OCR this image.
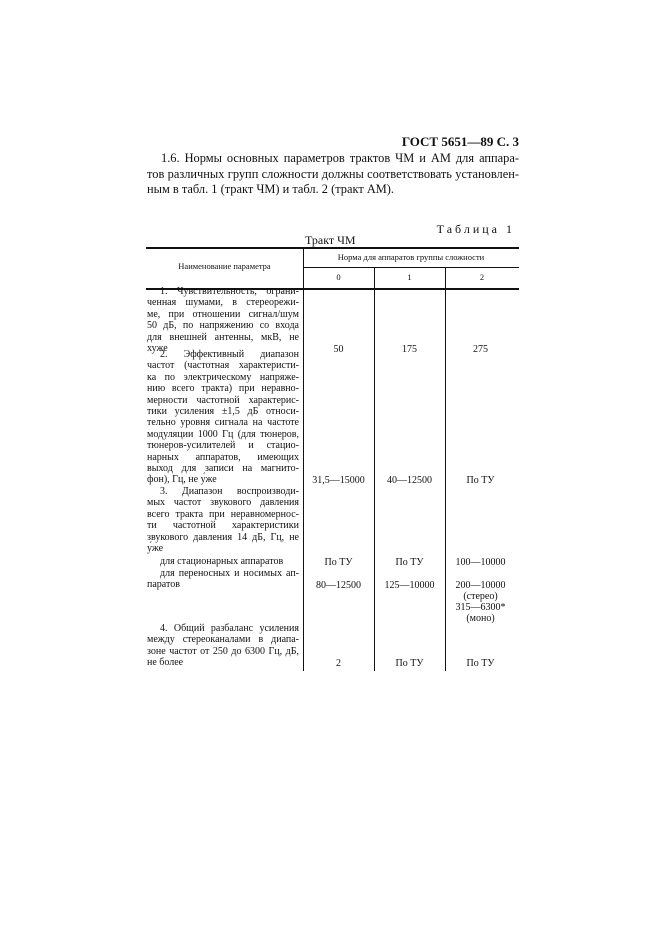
ГОСТ 5651—89 С. 3
1.6. Нормы основных параметров трактов ЧМ и АМ для аппара-
тов различных групп сложности должны соответствовать установлен-
ным в табл. 1 (тракт ЧМ) и табл. 2 (тракт АМ).
Таблица 1
Тракт ЧМ
Наименование параметра
Норма для аппаратов группы сложности
0	1	2
1. Чувствительность, ограни-
ченная шумами, в стереорежи-
ме, при отношении сигнал/шум
50 дБ, по напряжению со входа
для внешней антенны, мкВ, не
хуже	50	175	275
2. Эффективный диапазон
частот (частотная характеристи-
ка по электрическому напряже-
нию всего тракта) при неравно-
мерности частотной характерис-
тики усиления ±1,5 дБ относи-
тельно уровня сигнала на частоте
модуляции 1000 Гц (для тюнеров,
тюнеров-усилителей и стацио-
нарных аппаратов, имеющих
выход для записи на магнито-
фон), Гц, не у́же	31,5—15000	40—12500	По ТУ
3. Диапазон воспроизводи-
мых частот звукового давления
всего тракта при неравномернос-
ти частотной характеристики
звукового давления 14 дБ, Гц, не
у́же
для стационарных аппаратов	По ТУ	По ТУ	100—10000
для переносных и носимых ап-
паратов	80—12500	125—10000	200—10000
(стерео)
315—6300*
(моно)
4. Общий разбаланс усиления
между стереоканалами в диапа-
зоне частот от 250 до 6300 Гц, дБ,
не более	2	По ТУ	По ТУ
